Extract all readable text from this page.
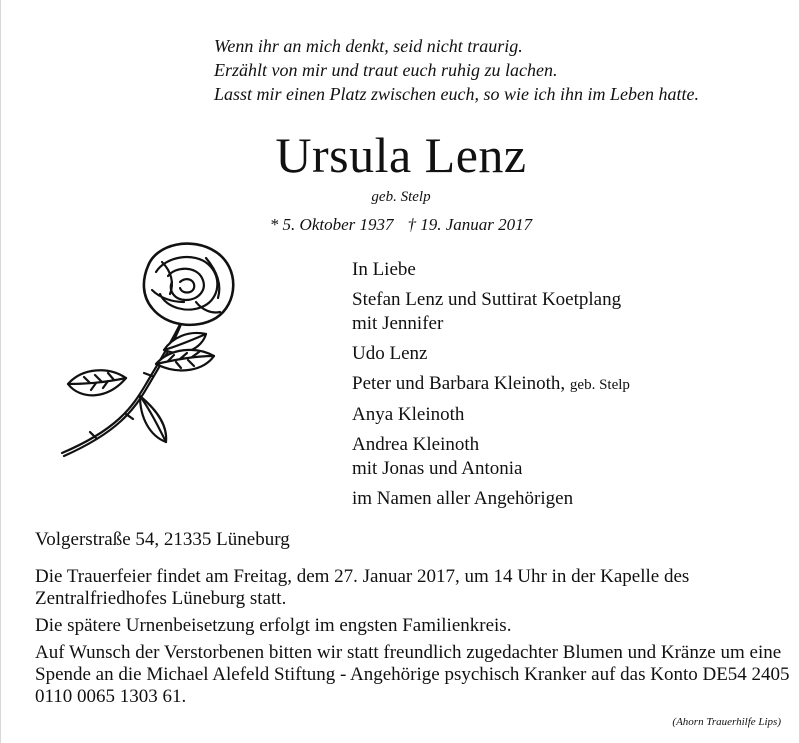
Wenn ihr an mich denkt, seid nicht traurig.
Erzählt von mir und traut euch ruhig zu lachen.
Lasst mir einen Platz zwischen euch, so wie ich ihn im Leben hatte.
Ursula Lenz
geb. Stelp
* 5. Oktober 1937 † 19. Januar 2017
In Liebe
Stefan Lenz und Suttirat Koetplang
mit Jennifer
Udo Lenz
Peter und Barbara Kleinoth, geb. Stelp
Anya Kleinoth
Andrea Kleinoth
mit Jonas und Antonia
im Namen aller Angehörigen
Volgerstraße 54, 21335 Lüneburg

Die Trauerfeier findet am Freitag, dem 27. Januar 2017, um 14 Uhr in der Kapelle des Zentralfriedhofes Lüneburg statt.

Die spätere Urnenbeisetzung erfolgt im engsten Familienkreis.

Auf Wunsch der Verstorbenen bitten wir statt freundlich zugedachter Blumen und Kränze um eine Spende an die Michael Alefeld Stiftung - Angehörige psychisch Kranker auf das Konto DE54 2405 0110 0065 1303 61.

(Ahorn Trauerhilfe Lips)
